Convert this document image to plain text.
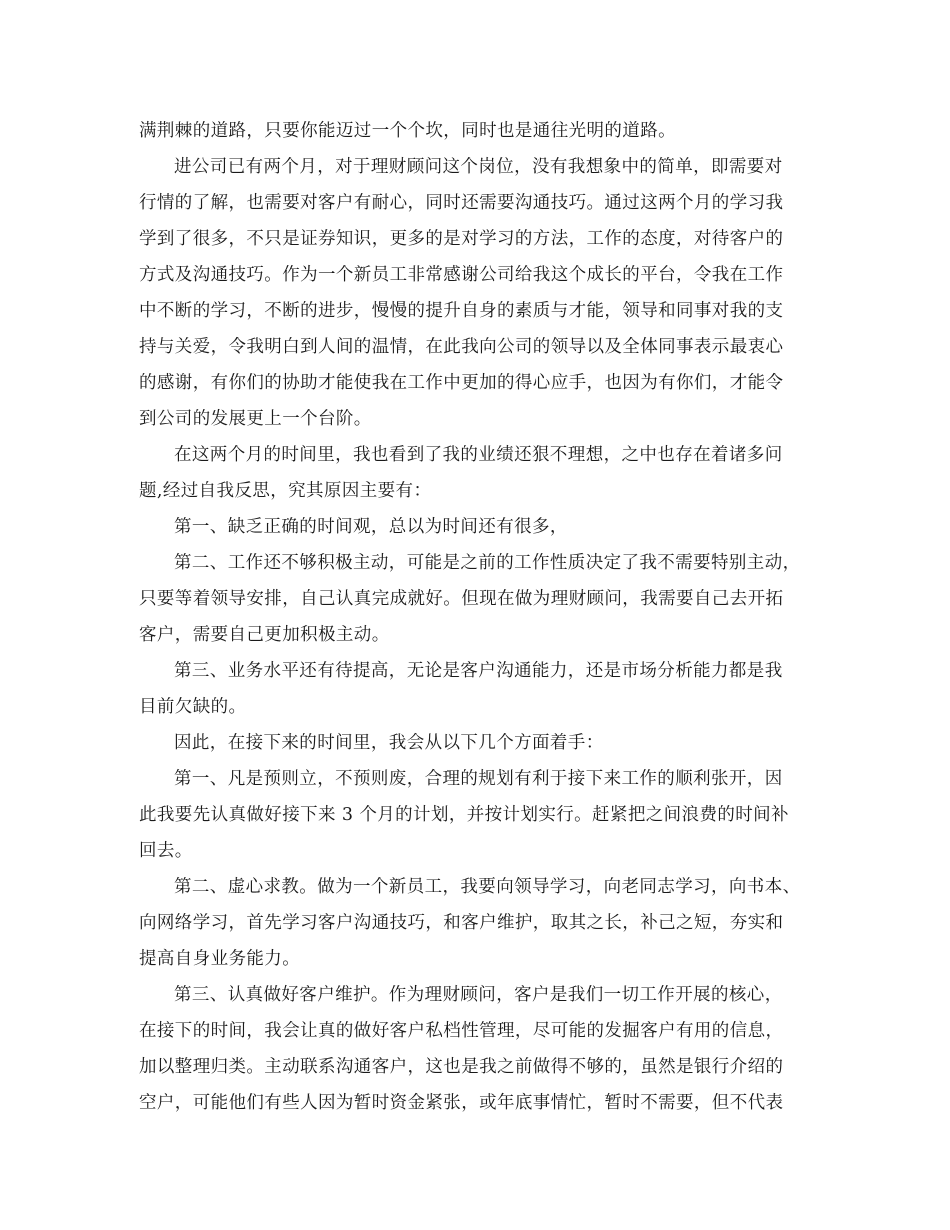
满荆棘的道路，只要你能迈过一个个坎，同时也是通往光明的道路。
进公司已有两个月，对于理财顾问这个岗位，没有我想象中的简单，即需要对
行情的了解，也需要对客户有耐心，同时还需要沟通技巧。通过这两个月的学习我
学到了很多，不只是证券知识，更多的是对学习的方法，工作的态度，对待客户的
方式及沟通技巧。作为一个新员工非常感谢公司给我这个成长的平台，令我在工作
中不断的学习，不断的进步，慢慢的提升自身的素质与才能，领导和同事对我的支
持与关爱，令我明白到人间的温情，在此我向公司的领导以及全体同事表示最衷心
的感谢，有你们的协助才能使我在工作中更加的得心应手，也因为有你们，才能令
到公司的发展更上一个台阶。
在这两个月的时间里，我也看到了我的业绩还狠不理想，之中也存在着诸多问
题,经过自我反思，究其原因主要有：
第一、缺乏正确的时间观，总以为时间还有很多，
第二、工作还不够积极主动，可能是之前的工作性质决定了我不需要特别主动，
只要等着领导安排，自己认真完成就好。但现在做为理财顾问，我需要自己去开拓
客户，需要自己更加积极主动。
第三、业务水平还有待提高，无论是客户沟通能力，还是市场分析能力都是我
目前欠缺的。
因此，在接下来的时间里，我会从以下几个方面着手：
第一、凡是预则立，不预则废，合理的规划有利于接下来工作的顺利张开，因
此我要先认真做好接下来 3 个月的计划，并按计划实行。赶紧把之间浪费的时间补
回去。
第二、虚心求教。做为一个新员工，我要向领导学习，向老同志学习，向书本、
向网络学习，首先学习客户沟通技巧，和客户维护，取其之长，补己之短，夯实和
提高自身业务能力。
第三、认真做好客户维护。作为理财顾问，客户是我们一切工作开展的核心，
在接下的时间，我会让真的做好客户私档性管理，尽可能的发掘客户有用的信息，
加以整理归类。主动联系沟通客户，这也是我之前做得不够的，虽然是银行介绍的
空户，可能他们有些人因为暂时资金紧张，或年底事情忙，暂时不需要，但不代表
